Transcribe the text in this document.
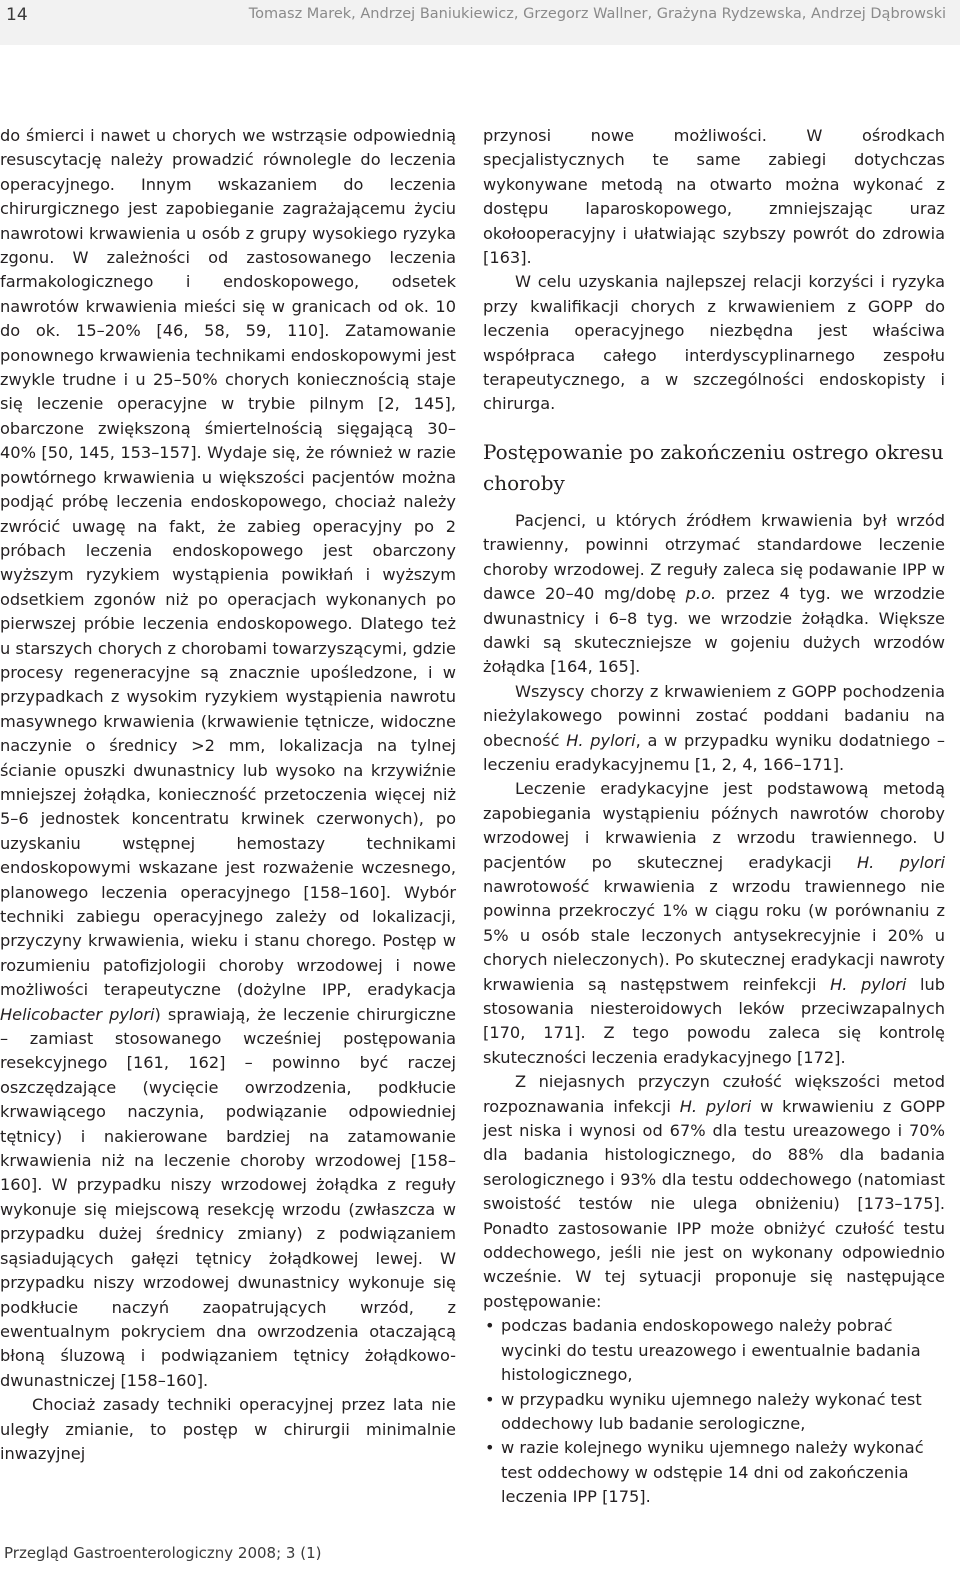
14	Tomasz Marek, Andrzej Baniukiewicz, Grzegorz Wallner, Grażyna Rydzewska, Andrzej Dąbrowski

do śmierci i nawet u chorych we wstrząsie odpowiednią resuscytację należy prowadzić równolegle do leczenia operacyjnego. Innym wskazaniem do leczenia chirurgicznego jest zapobieganie zagrażającemu życiu nawrotowi krwawienia u osób z grupy wysokiego ryzyka zgonu. W zależności od zastosowanego leczenia farmakologicznego i endoskopowego, odsetek nawrotów krwawienia mieści się w granicach od ok. 10 do ok. 15–20% [46, 58, 59, 110]. Zatamowanie ponownego krwawienia technikami endoskopowymi jest zwykle trudne i u 25–50% chorych koniecznością staje się leczenie operacyjne w trybie pilnym [2, 145], obarczone zwiększoną śmiertelnością sięgającą 30–40% [50, 145, 153–157]. Wydaje się, że również w razie powtórnego krwawienia u większości pacjentów można podjąć próbę leczenia endoskopowego, chociaż należy zwrócić uwagę na fakt, że zabieg operacyjny po 2 próbach leczenia endoskopowego jest obarczony wyższym ryzykiem wystąpienia powikłań i wyższym odsetkiem zgonów niż po operacjach wykonanych po pierwszej próbie leczenia endoskopowego. Dlatego też u starszych chorych z chorobami towarzyszącymi, gdzie procesy regeneracyjne są znacznie upośledzone, i w przypadkach z wysokim ryzykiem wystąpienia nawrotu masywnego krwawienia (krwawienie tętnicze, widoczne naczynie o średnicy >2 mm, lokalizacja na tylnej ścianie opuszki dwunastnicy lub wysoko na krzywiźnie mniejszej żołądka, konieczność przetoczenia więcej niż 5–6 jednostek koncentratu krwinek czerwonych), po uzyskaniu wstępnej hemostazy technikami endoskopowymi wskazane jest rozważenie wczesnego, planowego leczenia operacyjnego [158–160]. Wybór techniki zabiegu operacyjnego zależy od lokalizacji, przyczyny krwawienia, wieku i stanu chorego. Postęp w rozumieniu patofizjologii choroby wrzodowej i nowe możliwości terapeutyczne (dożylne IPP, eradykacja Helicobacter pylori) sprawiają, że leczenie chirurgiczne – zamiast stosowanego wcześniej postępowania resekcyjnego [161, 162] – powinno być raczej oszczędzające (wycięcie owrzodzenia, podkłucie krwawiącego naczynia, podwiązanie odpowiedniej tętnicy) i nakierowane bardziej na zatamowanie krwawienia niż na leczenie choroby wrzodowej [158–160]. W przypadku niszy wrzodowej żołądka z reguły wykonuje się miejscową resekcję wrzodu (zwłaszcza w przypadku dużej średnicy zmiany) z podwiązaniem sąsiadujących gałęzi tętnicy żołądkowej lewej. W przypadku niszy wrzodowej dwunastnicy wykonuje się podkłucie naczyń zaopatrujących wrzód, z ewentualnym pokryciem dna owrzodzenia otaczającą błoną śluzową i podwiązaniem tętnicy żołądkowo-dwunastniczej [158–160].

Chociaż zasady techniki operacyjnej przez lata nie uległy zmianie, to postęp w chirurgii minimalnie inwazyjnej

przynosi nowe możliwości. W ośrodkach specjalistycznych te same zabiegi dotychczas wykonywane metodą na otwarto można wykonać z dostępu laparoskopowego, zmniejszając uraz okołooperacyjny i ułatwiając szybszy powrót do zdrowia [163].

W celu uzyskania najlepszej relacji korzyści i ryzyka przy kwalifikacji chorych z krwawieniem z GOPP do leczenia operacyjnego niezbędna jest właściwa współpraca całego interdyscyplinarnego zespołu terapeutycznego, a w szczególności endoskopisty i chirurga.

Postępowanie po zakończeniu ostrego okresu choroby

Pacjenci, u których źródłem krwawienia był wrzód trawienny, powinni otrzymać standardowe leczenie choroby wrzodowej. Z reguły zaleca się podawanie IPP w dawce 20–40 mg/dobę p.o. przez 4 tyg. we wrzodzie dwunastnicy i 6–8 tyg. we wrzodzie żołądka. Większe dawki są skuteczniejsze w gojeniu dużych wrzodów żołądka [164, 165].

Wszyscy chorzy z krwawieniem z GOPP pochodzenia nieżylakowego powinni zostać poddani badaniu na obecność H. pylori, a w przypadku wyniku dodatniego – leczeniu eradykacyjnemu [1, 2, 4, 166–171].

Leczenie eradykacyjne jest podstawową metodą zapobiegania wystąpieniu późnych nawrotów choroby wrzodowej i krwawienia z wrzodu trawiennego. U pacjentów po skutecznej eradykacji H. pylori nawrotowość krwawienia z wrzodu trawiennego nie powinna przekroczyć 1% w ciągu roku (w porównaniu z 5% u osób stale leczonych antysekrecyjnie i 20% u chorych nieleczonych). Po skutecznej eradykacji nawroty krwawienia są następstwem reinfekcji H. pylori lub stosowania niesteroidowych leków przeciwzapalnych [170, 171]. Z tego powodu zaleca się kontrolę skuteczności leczenia eradykacyjnego [172].

Z niejasnych przyczyn czułość większości metod rozpoznawania infekcji H. pylori w krwawieniu z GOPP jest niska i wynosi od 67% dla testu ureazowego i 70% dla badania histologicznego, do 88% dla badania serologicznego i 93% dla testu oddechowego (natomiast swoistość testów nie ulega obniżeniu) [173–175]. Ponadto zastosowanie IPP może obniżyć czułość testu oddechowego, jeśli nie jest on wykonany odpowiednio wcześnie. W tej sytuacji proponuje się następujące postępowanie:

• podczas badania endoskopowego należy pobrać wycinki do testu ureazowego i ewentualnie badania histologicznego,
• w przypadku wyniku ujemnego należy wykonać test oddechowy lub badanie serologiczne,
• w razie kolejnego wyniku ujemnego należy wykonać test oddechowy w odstępie 14 dni od zakończenia leczenia IPP [175].
Przegląd Gastroenterologiczny 2008; 3 (1)
